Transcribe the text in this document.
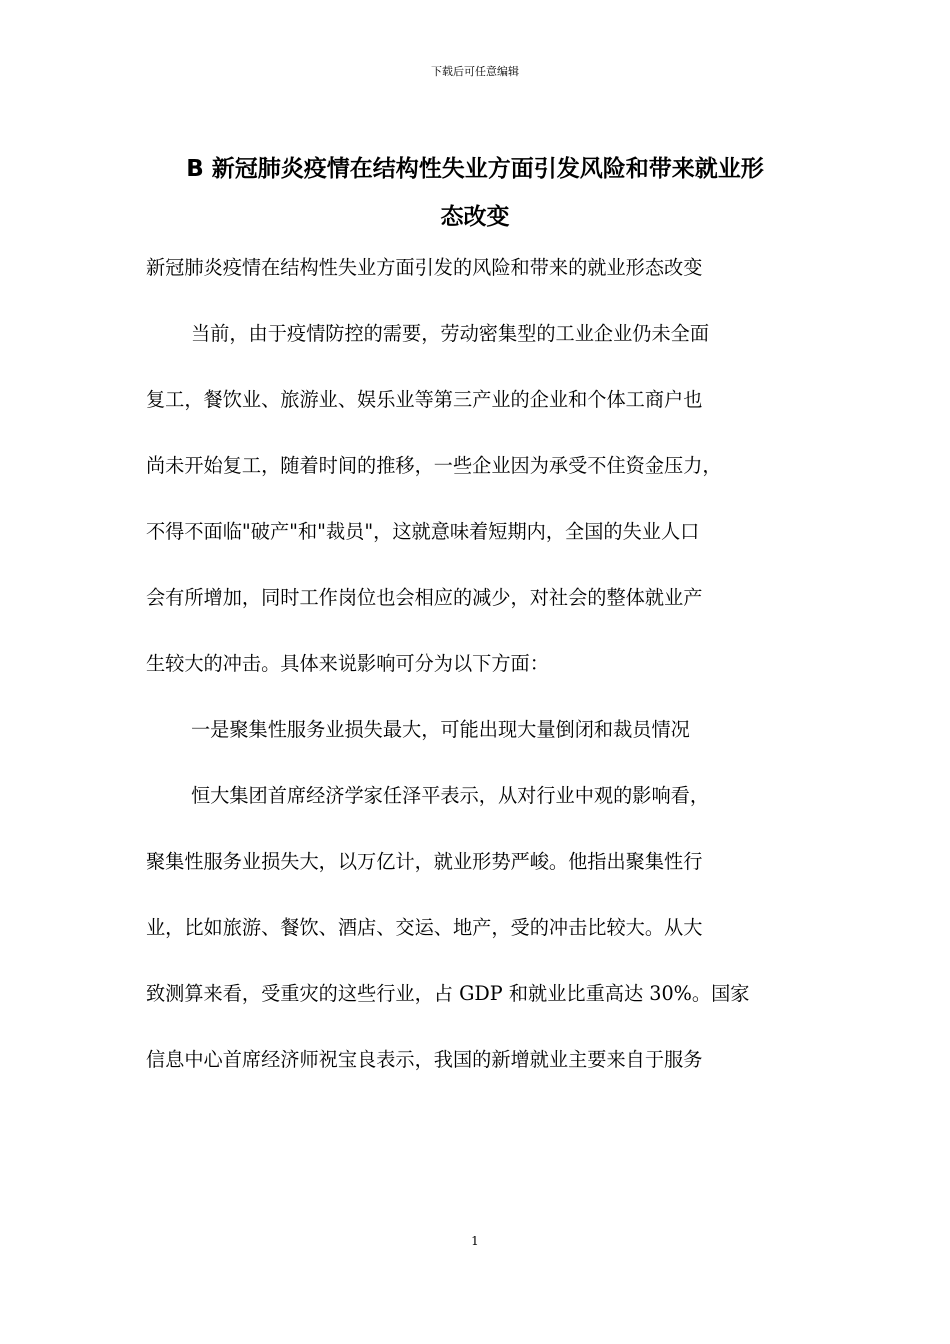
下载后可任意编辑
B 新冠肺炎疫情在结构性失业方面引发风险和带来就业形
态改变
新冠肺炎疫情在结构性失业方面引发的风险和带来的就业形态改变
当前，由于疫情防控的需要，劳动密集型的工业企业仍未全面
复工，餐饮业、旅游业、娱乐业等第三产业的企业和个体工商户也
尚未开始复工，随着时间的推移，一些企业因为承受不住资金压力，
不得不面临"破产"和"裁员"，这就意味着短期内，全国的失业人口
会有所增加，同时工作岗位也会相应的减少，对社会的整体就业产
生较大的冲击。具体来说影响可分为以下方面：
一是聚集性服务业损失最大，可能出现大量倒闭和裁员情况
恒大集团首席经济学家任泽平表示，从对行业中观的影响看，
聚集性服务业损失大，以万亿计，就业形势严峻。他指出聚集性行
业，比如旅游、餐饮、酒店、交运、地产，受的冲击比较大。从大
致测算来看，受重灾的这些行业，占 GDP 和就业比重高达 30%。国家
信息中心首席经济师祝宝良表示，我国的新增就业主要来自于服务
1
